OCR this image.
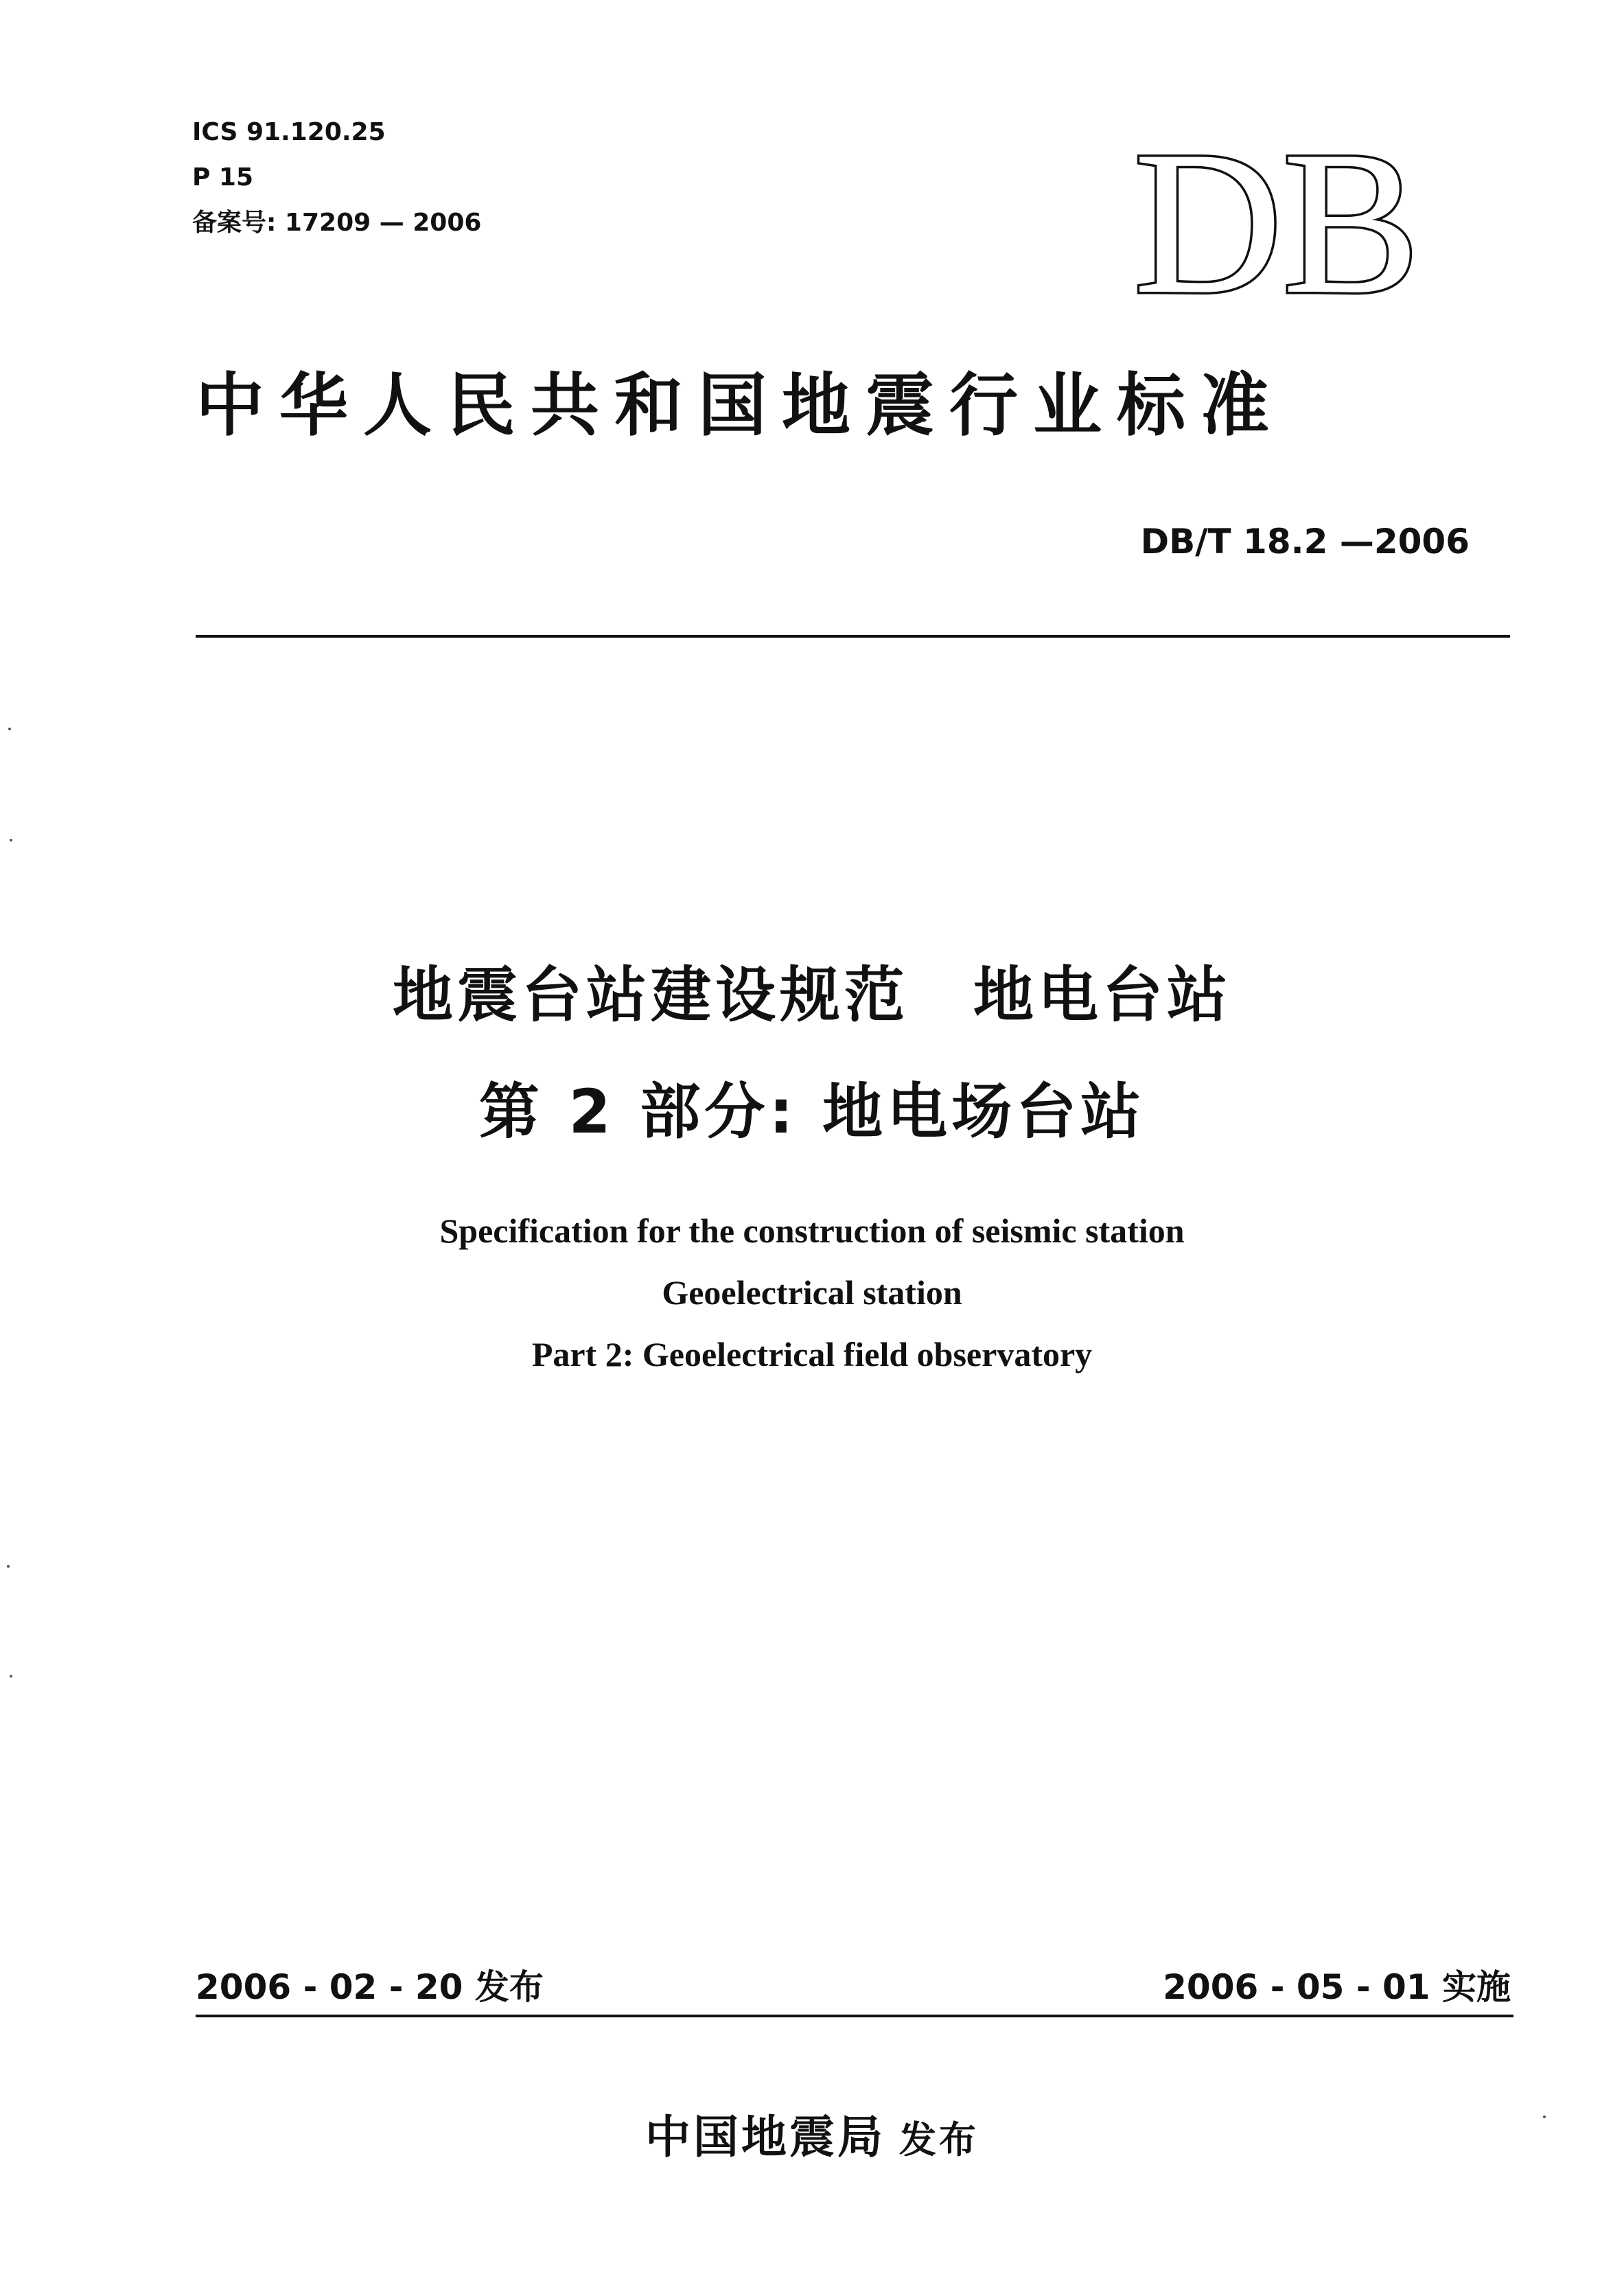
ICS 91.120.25
P 15
备案号: 17209 — 2006	DB
中华人民共和国地震行业标准
DB/T 18.2 —2006
地震台站建设规范　地电台站
第 2 部分: 地电场台站
Specification for the construction of seismic station
Geoelectrical station
Part 2: Geoelectrical field observatory
2006 - 02 - 20 发布	2006 - 05 - 01 实施
中国地震局 发布
